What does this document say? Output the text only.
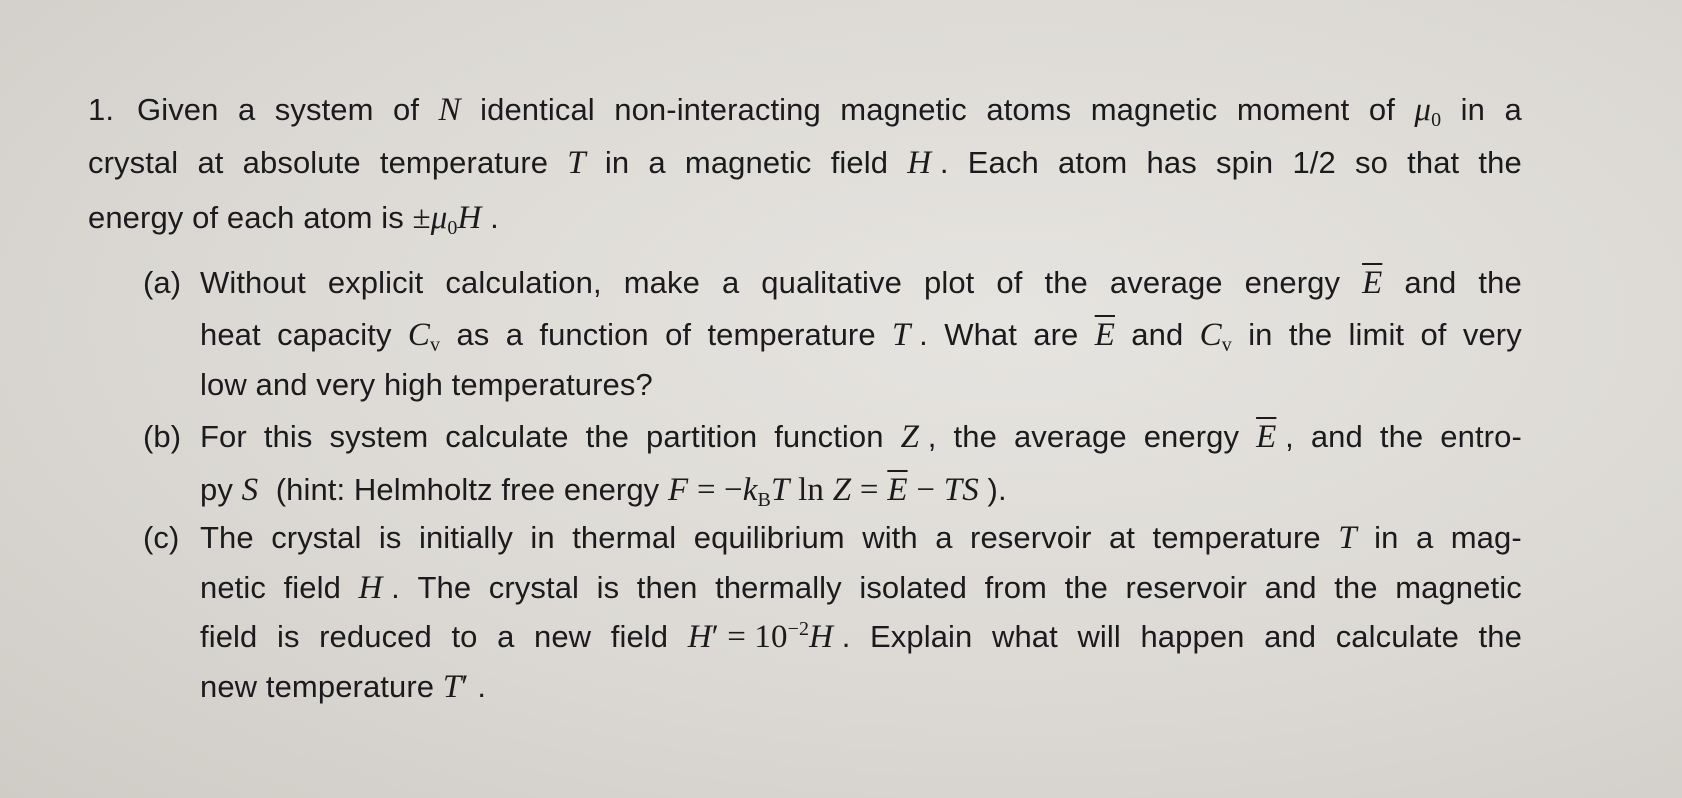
1. Given a system of N identical non-interacting magnetic atoms magnetic moment of $\mu_0$ in a
crystal at absolute temperature T in a magnetic field H . Each atom has spin 1/2 so that the
energy of each atom is $\pm\mu_0H$ .
(a) Without explicit calculation, make a qualitative plot of the average energy $\overline{E}$ and the
heat capacity $C_v$ as a function of temperature T . What are $\overline{E}$ and $C_v$ in the limit of very
low and very high temperatures?
(b) For this system calculate the partition function Z , the average energy $\overline{E}$ , and the entro-
py S  (hint: Helmholtz free energy $F = -k_BT$ $\ln Z = \overline{E}$ − TS ).
(c) The crystal is initially in thermal equilibrium with a reservoir at temperature T in a mag-
netic field H . The crystal is then thermally isolated from the reservoir and the magnetic
field is reduced to a new field $H' = 10^{-2}H$ . Explain what will happen and calculate the
new temperature T′ .
